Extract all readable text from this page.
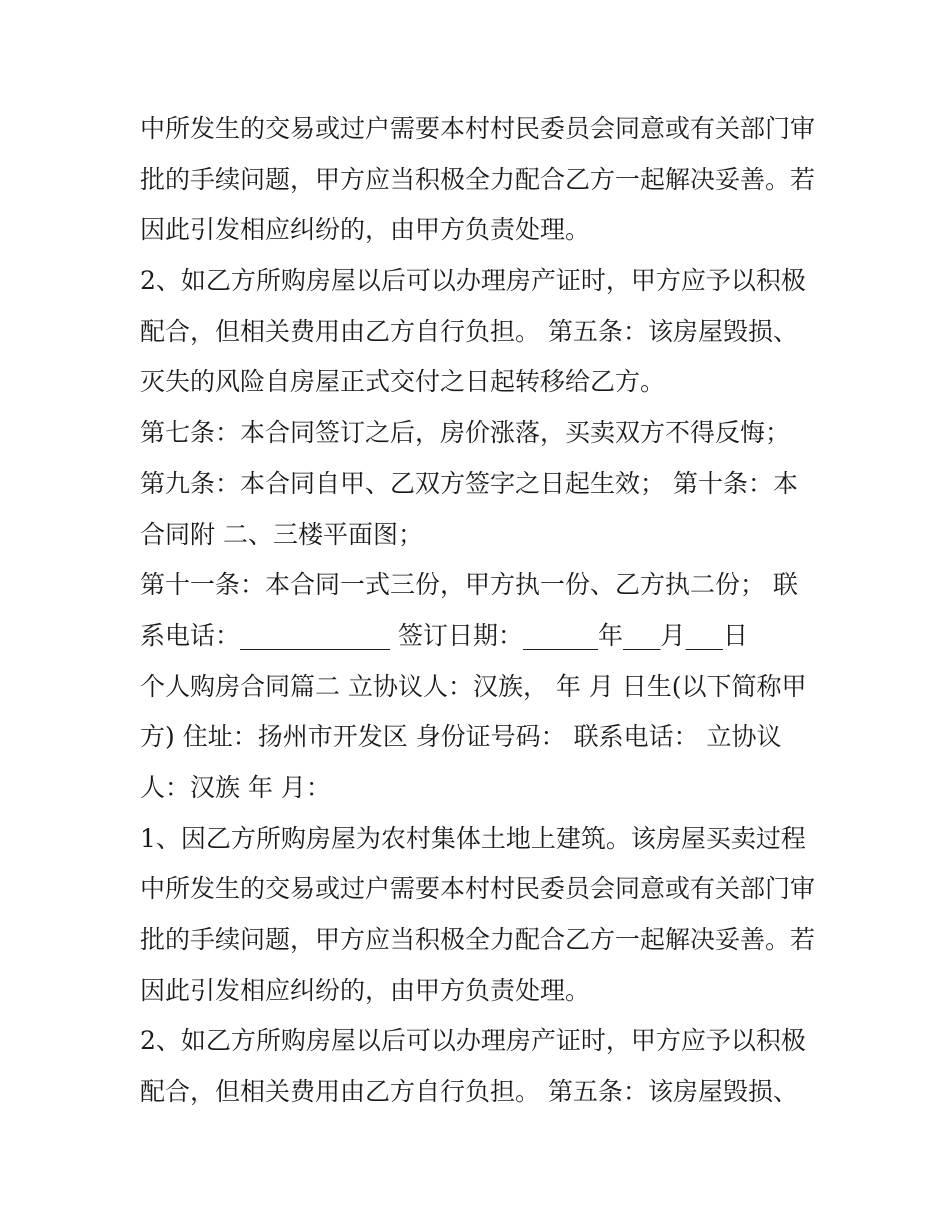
中所发生的交易或过户需要本村村民委员会同意或有关部门审
批的手续问题，甲方应当积极全力配合乙方一起解决妥善。若
因此引发相应纠纷的，由甲方负责处理。
2、如乙方所购房屋以后可以办理房产证时，甲方应予以积极
配合，但相关费用由乙方自行负担。 第五条：该房屋毁损、
灭失的风险自房屋正式交付之日起转移给乙方。
第七条：本合同签订之后，房价涨落，买卖双方不得反悔；
第九条：本合同自甲、乙双方签字之日起生效； 第十条：本
合同附 二、三楼平面图；
第十一条：本合同一式三份，甲方执一份、乙方执二份； 联
系电话：____________ 签订日期：______年___月___日
个人购房合同篇二 立协议人：汉族， 年 月 日生(以下简称甲
方) 住址：扬州市开发区 身份证号码： 联系电话： 立协议
人：汉族 年 月：
1、因乙方所购房屋为农村集体土地上建筑。该房屋买卖过程
中所发生的交易或过户需要本村村民委员会同意或有关部门审
批的手续问题，甲方应当积极全力配合乙方一起解决妥善。若
因此引发相应纠纷的，由甲方负责处理。
2、如乙方所购房屋以后可以办理房产证时，甲方应予以积极
配合，但相关费用由乙方自行负担。 第五条：该房屋毁损、
